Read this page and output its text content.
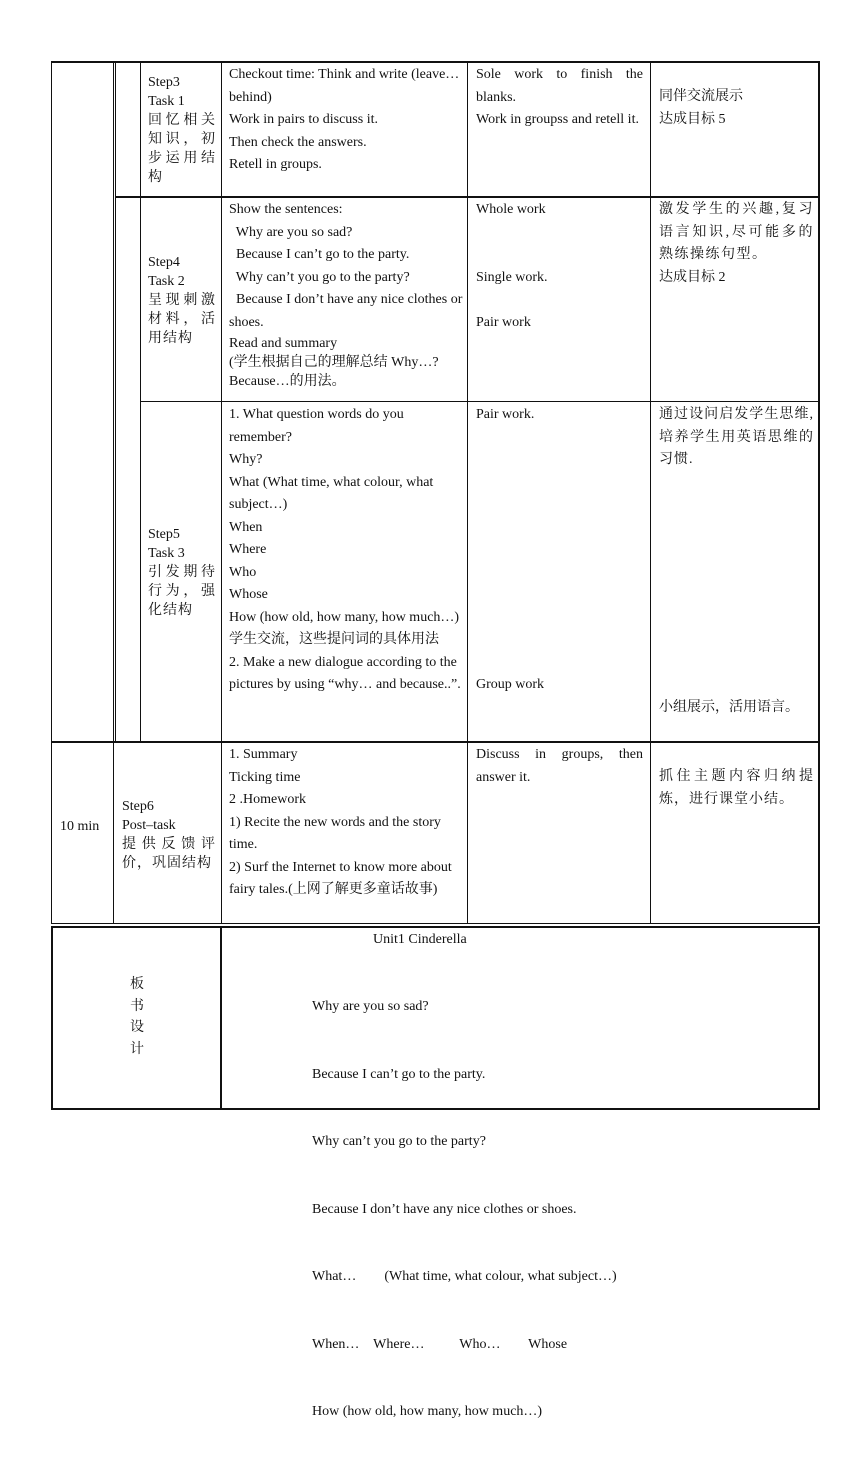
Step3
Task 1
回忆相关知识，初步运用结构
Checkout time: Think and write (leave…behind)
Work in pairs to discuss it.
Then check the answers.
Retell in groups.
Sole work to finish the blanks.
Work in groupss and retell it.
同伴交流展示
达成目标 5
Step4
Task 2
呈现刺激材料，活用结构
Show the sentences:
Why are you so sad?
Because I can’t go to the party.
Why can’t you go to the party?
Because I don’t have any nice clothes or shoes.
Read and summary
(学生根据自己的理解总结 Why…? Because…的用法。
Whole work
Single work.
Pair work
激发学生的兴趣,复习语言知识,尽可能多的熟练操练句型。
达成目标 2
Step5
Task 3
引发期待行为，强化结构
1. What question words do you remember?
Why?
What (What time, what colour, what subject…)
When
Where
Who
Whose
How (how old, how many, how much…)
学生交流，这些提问词的具体用法
2. Make a new dialogue according to the pictures by using “why… and because..”.
Pair work.
Group work
通过设问启发学生思维,培养学生用英语思维的习惯.
小组展示，活用语言。
10 min
Step6
Post–task
提供反馈评价，巩固结构
1. Summary
Ticking time
2 .Homework
1) Recite the new words and the story time.
2) Surf the Internet to know more about fairy tales.(上网了解更多童话故事)
Discuss in groups, then answer it.	抓住主题内容归纳提炼，进行课堂小结。
板
书
设
计
Unit1 Cinderella

Why are you so sad?

Because I can’t go to the party.

Why can’t you go to the party?

Because I don’t have any nice clothes or shoes.

What…        (What time, what colour, what subject…)

When…    Where…          Who…        Whose

How (how old, how many, how much…)
